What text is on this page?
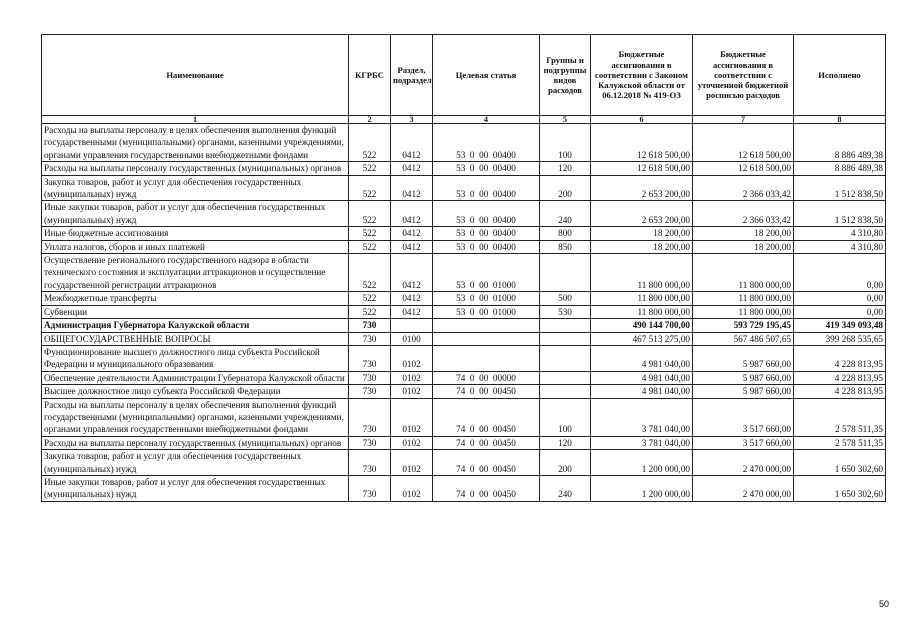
Наименование	КГРБС	Раздел, подраздел	Целевая статья	Группы и подгруппы видов расходов	Бюджетные ассигнования в соответствии с Законом Калужской области от 06.12.2018 № 419-ОЗ	Бюджетные ассигнования в соответствии с уточненной бюджетной росписью расходов	Исполнено
1	2	3	4	5	6	7	8
Расходы на выплаты персоналу в целях обеспечения выполнения функций государственными (муниципальными) органами, казенными учреждениями, органами управления государственными внебюджетными фондами	522	0412	53  0  00  00400	100	12 618 500,00	12 618 500,00	8 886 489,38
Расходы на выплаты персоналу государственных (муниципальных) органов	522	0412	53  0  00  00400	120	12 618 500,00	12 618 500,00	8 886 489,38
Закупка товаров, работ и услуг для обеспечения государственных (муниципальных) нужд	522	0412	53  0  00  00400	200	2 653 200,00	2 366 033,42	1 512 838,50
Иные закупки товаров, работ и услуг для обеспечения государственных (муниципальных) нужд	522	0412	53  0  00  00400	240	2 653 200,00	2 366 033,42	1 512 838,50
Иные бюджетные ассигнования	522	0412	53  0  00  00400	800	18 200,00	18 200,00	4 310,80
Уплата налогов, сборов и иных платежей	522	0412	53  0  00  00400	850	18 200,00	18 200,00	4 310,80
Осуществление регионального государственного надзора в области технического состояния и эксплуатации аттракционов и осуществление государственной регистрации аттракционов	522	0412	53  0  00  01000		11 800 000,00	11 800 000,00	0,00
Межбюджетные трансферты	522	0412	53  0  00  01000	500	11 800 000,00	11 800 000,00	0,00
Субвенции	522	0412	53  0  00  01000	530	11 800 000,00	11 800 000,00	0,00
Администрация Губернатора Калужской области	730				490 144 700,00	593 729 195,45	419 349 093,48
ОБЩЕГОСУДАРСТВЕННЫЕ ВОПРОСЫ	730	0100			467 513 275,00	567 486 507,65	399 268 535,65
Функционирование высшего должностного лица субъекта Российской Федерации и муниципального образования	730	0102			4 981 040,00	5 987 660,00	4 228 813,95
Обеспечение деятельности Администрации Губернатора Калужской области	730	0102	74  0  00  00000		4 981 040,00	5 987 660,00	4 228 813,95
Высшее должностное лицо субъекта Российской Федерации	730	0102	74  0  00  00450		4 981 040,00	5 987 660,00	4 228 813,95
Расходы на выплаты персоналу в целях обеспечения выполнения функций государственными (муниципальными) органами, казенными учреждениями, органами управления государственными внебюджетными фондами	730	0102	74  0  00  00450	100	3 781 040,00	3 517 660,00	2 578 511,35
Расходы на выплаты персоналу государственных (муниципальных) органов	730	0102	74  0  00  00450	120	3 781 040,00	3 517 660,00	2 578 511,35
Закупка товаров, работ и услуг для обеспечения государственных (муниципальных) нужд	730	0102	74  0  00  00450	200	1 200 000,00	2 470 000,00	1 650 302,60
Иные закупки товаров, работ и услуг для обеспечения государственных (муниципальных) нужд	730	0102	74  0  00  00450	240	1 200 000,00	2 470 000,00	1 650 302,60
50
